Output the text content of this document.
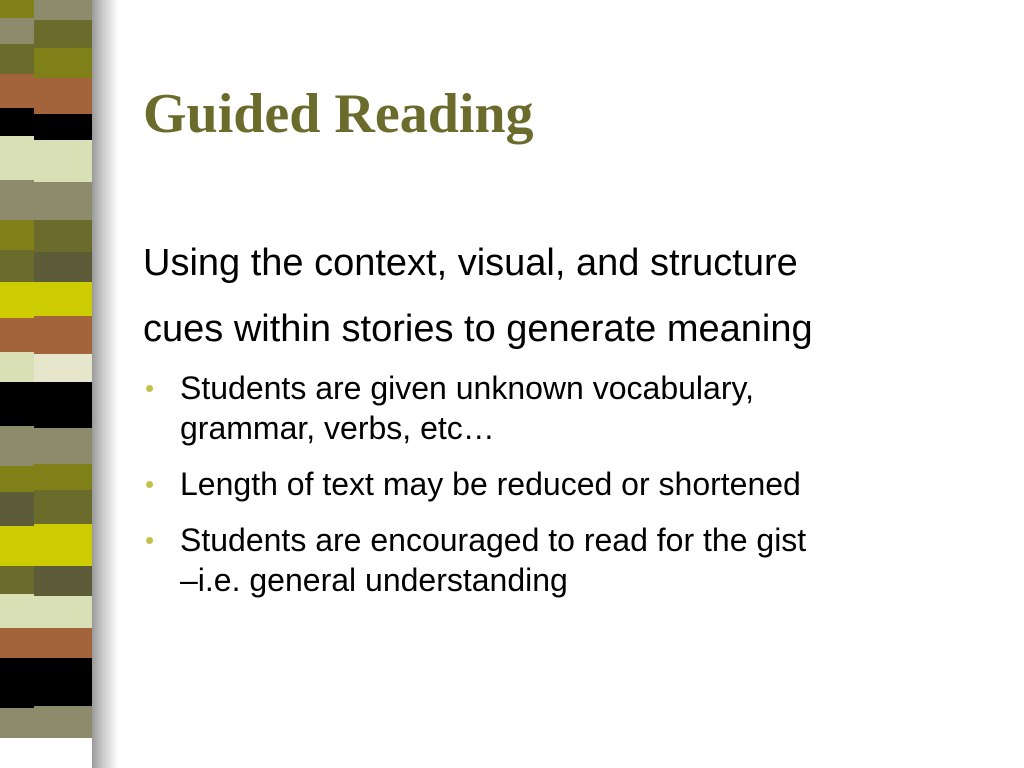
Guided Reading

Using the context, visual, and structure

cues within stories to generate meaning

• Students are given unknown vocabulary,
grammar, verbs, etc…
• Length of text may be reduced or shortened
• Students are encouraged to read for the gist
–i.e. general understanding
